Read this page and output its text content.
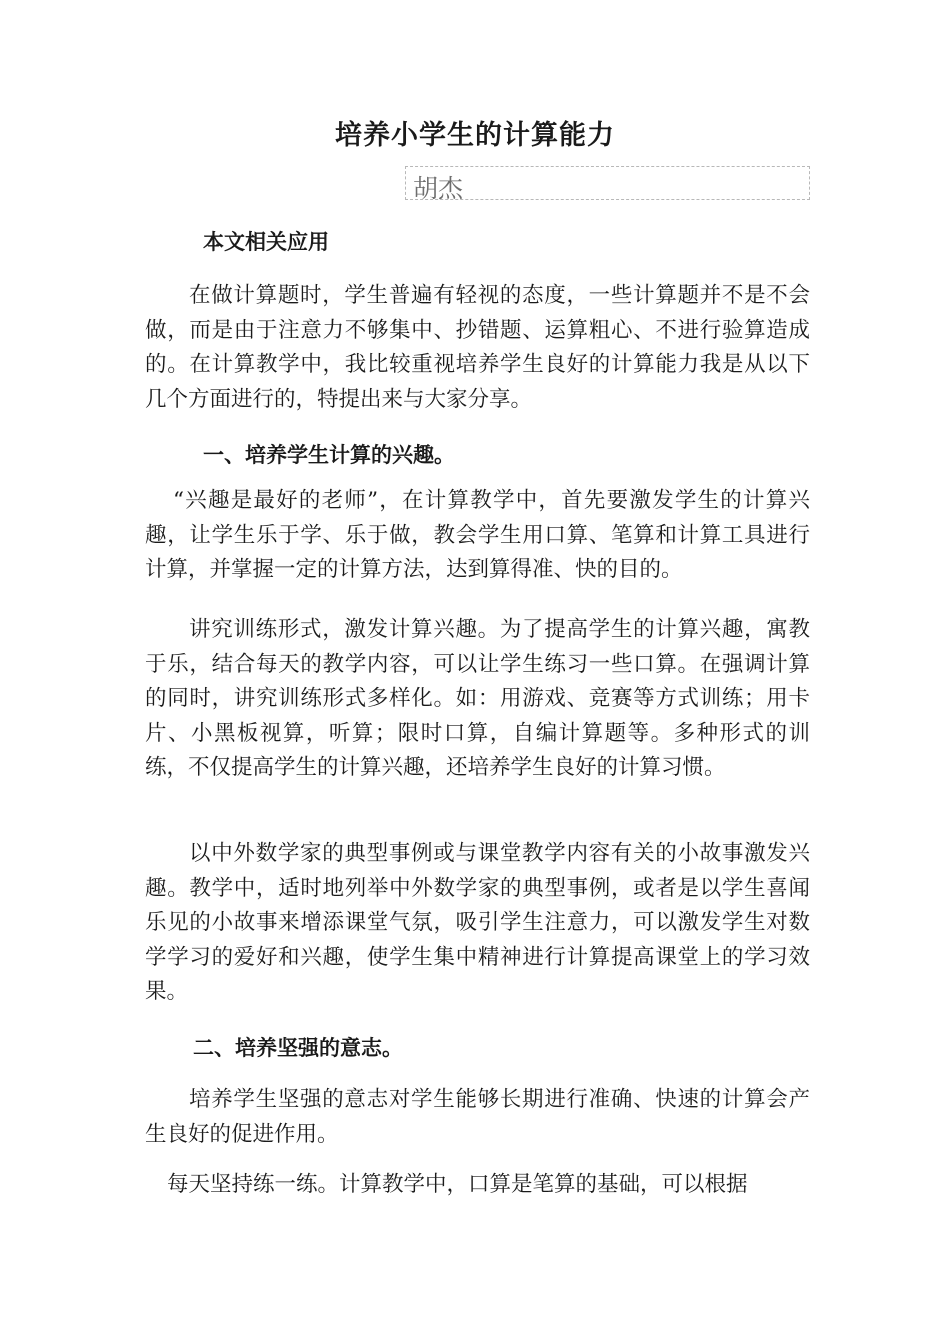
培养小学生的计算能力
胡杰
本文相关应用

在做计算题时，学生普遍有轻视的态度，一些计算题并不是不会做，而是由于注意力不够集中、抄错题、运算粗心、不进行验算造成的。在计算教学中，我比较重视培养学生良好的计算能力我是从以下几个方面进行的，特提出来与大家分享。

一、培养学生计算的兴趣。

“兴趣是最好的老师”，在计算教学中，首先要激发学生的计算兴趣，让学生乐于学、乐于做，教会学生用口算、笔算和计算工具进行计算，并掌握一定的计算方法，达到算得准、快的目的。

讲究训练形式，激发计算兴趣。为了提高学生的计算兴趣，寓教于乐，结合每天的教学内容，可以让学生练习一些口算。在强调计算的同时，讲究训练形式多样化。如：用游戏、竞赛等方式训练；用卡片、小黑板视算，听算；限时口算，自编计算题等。多种形式的训练，不仅提高学生的计算兴趣，还培养学生良好的计算习惯。

以中外数学家的典型事例或与课堂教学内容有关的小故事激发兴趣。教学中，适时地列举中外数学家的典型事例，或者是以学生喜闻乐见的小故事来增添课堂气氛，吸引学生注意力，可以激发学生对数学学习的爱好和兴趣，使学生集中精神进行计算提高课堂上的学习效果。

二、培养坚强的意志。

培养学生坚强的意志对学生能够长期进行准确、快速的计算会产生良好的促进作用。

每天坚持练一练。计算教学中，口算是笔算的基础，可以根据
